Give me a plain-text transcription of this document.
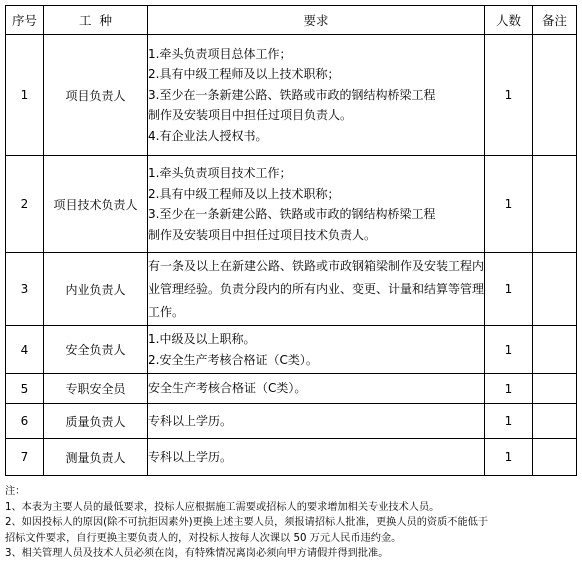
序号	工  种	要求	人数	备注
1	项目负责人	1.牵头负责项目总体工作；
2.具有中级工程师及以上技术职称；
3.至少在一条新建公路、铁路或市政的钢结构桥梁工程
制作及安装项目中担任过项目负责人。
4.有企业法人授权书。	1	
2	项目技术负责人	1.牵头负责项目技术工作；
2.具有中级工程师及以上技术职称；
3.至少在一条新建公路、铁路或市政的钢结构桥梁工程
制作及安装项目中担任过项目技术负责人。	1	
3	内业负责人	有一条及以上在新建公路、铁路或市政钢箱梁制作及安装工程内业管理经验。负责分段内的所有内业、变更、计量和结算等管理工作。	1	
4	安全负责人	1.中级及以上职称。
2.安全生产考核合格证（C类）。	1	
5	专职安全员	安全生产考核合格证（C类）。	1	
6	质量负责人	专科以上学历。	1	
7	测量负责人	专科以上学历。	1	
注：
1、本表为主要人员的最低要求，投标人应根据施工需要或招标人的要求增加相关专业技术人员。
2、如因投标人的原因(除不可抗拒因素外)更换上述主要人员，须报请招标人批准，更换人员的资质不能低于
招标文件要求，自行更换主要负责人的，对投标人按每人次课以 50 万元人民币违约金。
3、相关管理人员及技术人员必须在岗，有特殊情况离岗必须向甲方请假并得到批准。
